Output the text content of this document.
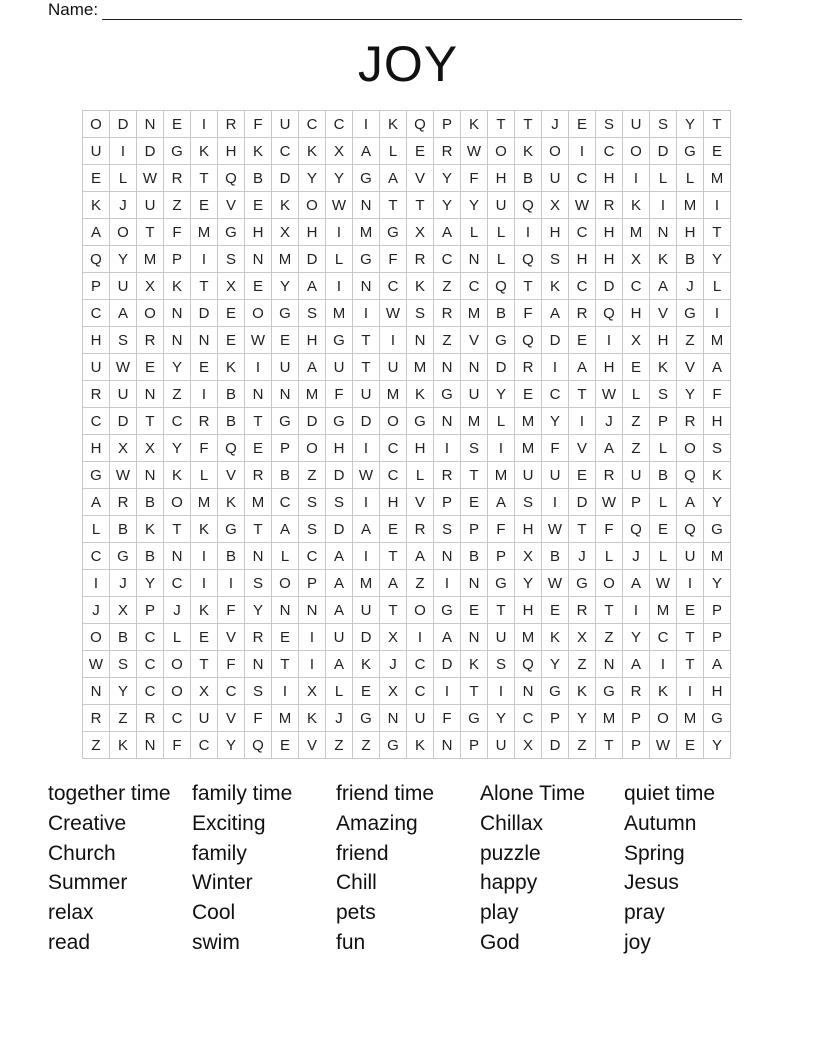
Name:
JOY
O	D	N	E	I	R	F	U	C	C	I	K	Q	P	K	T	T	J	E	S	U	S	Y	T
U	I	D	G	K	H	K	C	K	X	A	L	E	R	W	O	K	O	I	C	O	D	G	E
E	L	W	R	T	Q	B	D	Y	Y	G	A	V	Y	F	H	B	U	C	H	I	L	L	M
K	J	U	Z	E	V	E	K	O	W	N	T	T	Y	Y	U	Q	X	W	R	K	I	M	I
A	O	T	F	M	G	H	X	H	I	M	G	X	A	L	L	I	H	C	H	M	N	H	T
Q	Y	M	P	I	S	N	M	D	L	G	F	R	C	N	L	Q	S	H	H	X	K	B	Y
P	U	X	K	T	X	E	Y	A	I	N	C	K	Z	C	Q	T	K	C	D	C	A	J	L
C	A	O	N	D	E	O	G	S	M	I	W	S	R	M	B	F	A	R	Q	H	V	G	I
H	S	R	N	N	E	W	E	H	G	T	I	N	Z	V	G	Q	D	E	I	X	H	Z	M
U	W	E	Y	E	K	I	U	A	U	T	U	M	N	N	D	R	I	A	H	E	K	V	A
R	U	N	Z	I	B	N	N	M	F	U	M	K	G	U	Y	E	C	T	W	L	S	Y	F
C	D	T	C	R	B	T	G	D	G	D	O	G	N	M	L	M	Y	I	J	Z	P	R	H
H	X	X	Y	F	Q	E	P	O	H	I	C	H	I	S	I	M	F	V	A	Z	L	O	S
G	W	N	K	L	V	R	B	Z	D	W	C	L	R	T	M	U	U	E	R	U	B	Q	K
A	R	B	O	M	K	M	C	S	S	I	H	V	P	E	A	S	I	D	W	P	L	A	Y
L	B	K	T	K	G	T	A	S	D	A	E	R	S	P	F	H	W	T	F	Q	E	Q	G
C	G	B	N	I	B	N	L	C	A	I	T	A	N	B	P	X	B	J	L	J	L	U	M
I	J	Y	C	I	I	S	O	P	A	M	A	Z	I	N	G	Y	W	G	O	A	W	I	Y
J	X	P	J	K	F	Y	N	N	A	U	T	O	G	E	T	H	E	R	T	I	M	E	P
O	B	C	L	E	V	R	E	I	U	D	X	I	A	N	U	M	K	X	Z	Y	C	T	P
W	S	C	O	T	F	N	T	I	A	K	J	C	D	K	S	Q	Y	Z	N	A	I	T	A
N	Y	C	O	X	C	S	I	X	L	E	X	C	I	T	I	N	G	K	G	R	K	I	H
R	Z	R	C	U	V	F	M	K	J	G	N	U	F	G	Y	C	P	Y	M	P	O	M	G
Z	K	N	F	C	Y	Q	E	V	Z	Z	G	K	N	P	U	X	D	Z	T	P	W	E	Y
together time	family time	friend time	Alone Time	quiet time
Creative	Exciting	Amazing	Chillax	Autumn
Church	family	friend	puzzle	Spring
Summer	Winter	Chill	happy	Jesus
relax	Cool	pets	play	pray
read	swim	fun	God	joy
